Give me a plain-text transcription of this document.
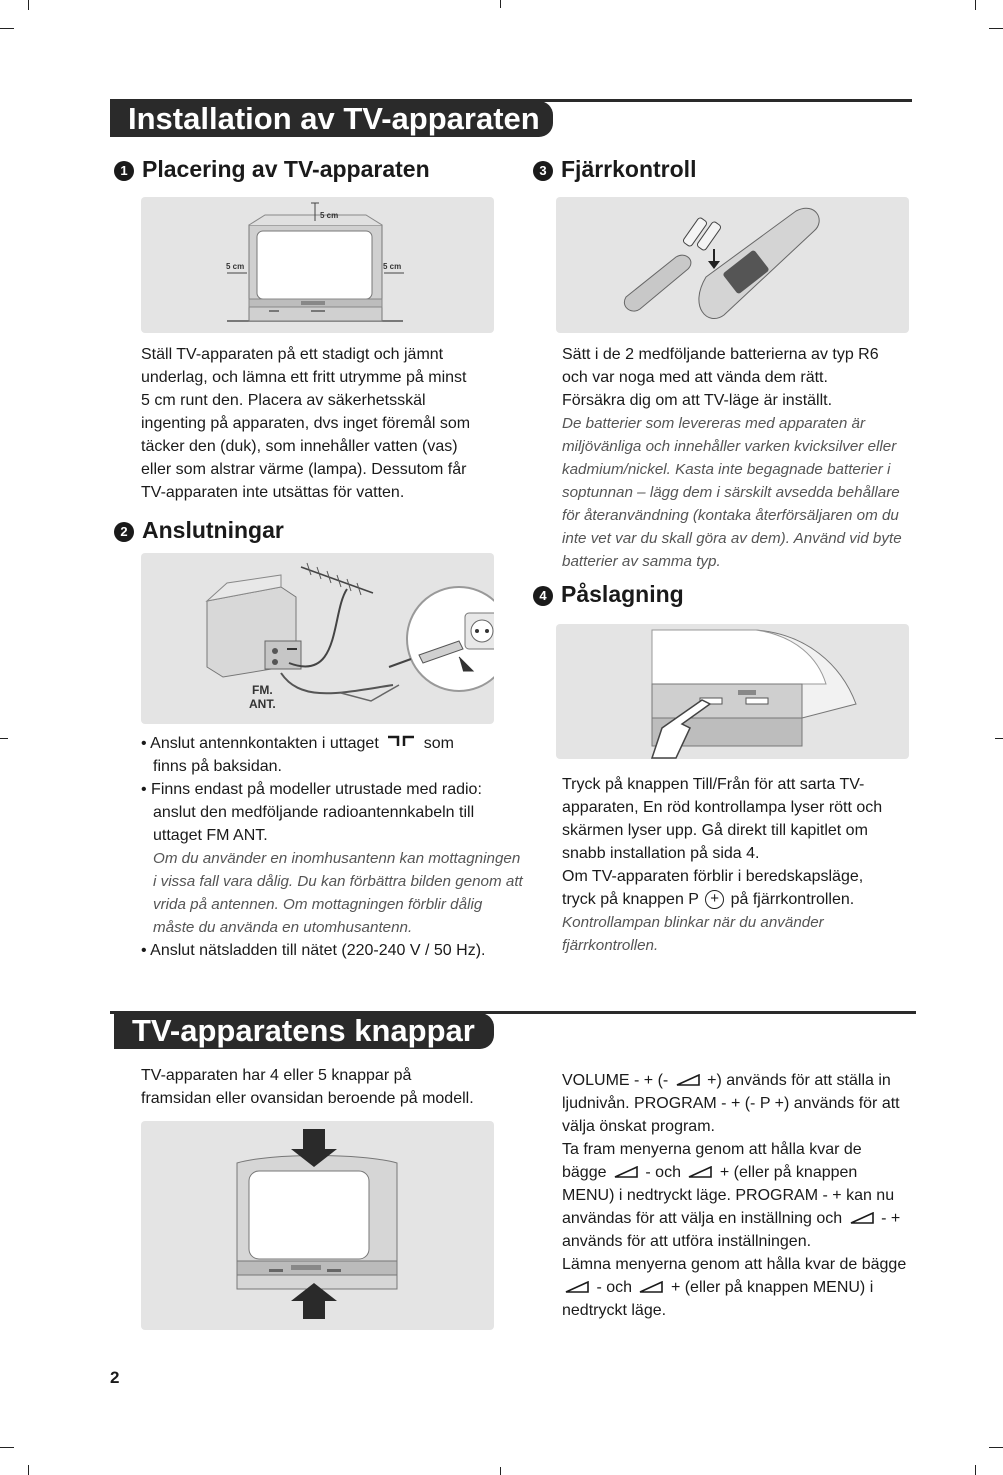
Installation av TV-apparaten
1 Placering av TV-apparaten
5 cm
5 cm	5 cm
Ställ TV-apparaten på ett stadigt och jämnt
underlag, och lämna ett fritt utrymme på minst
5 cm runt den. Placera av säkerhetsskäl
ingenting på apparaten, dvs inget föremål som
täcker den (duk), som innehåller vatten (vas)
eller som alstrar värme (lampa). Dessutom får
TV-apparaten inte utsättas för vatten.
2 Anslutningar
FM.
ANT.
• Anslut antennkontakten i uttaget	som
finns på baksidan.
• Finns endast på modeller utrustade med radio:
anslut den medföljande radioantennkabeln till
uttaget FM ANT.
Om du använder en inomhusantenn kan mottagningen
i vissa fall vara dålig. Du kan förbättra bilden genom att
vrida på antennen. Om mottagningen förblir dålig
måste du använda en utomhusantenn.
• Anslut nätsladden till nätet (220-240 V / 50 Hz).
3 Fjärrkontroll
Sätt i de 2 medföljande batterierna av typ R6
och var noga med att vända dem rätt.
Försäkra dig om att TV-läge är inställt.
De batterier som levereras med apparaten är
miljövänliga och innehåller varken kvicksilver eller
kadmium/nickel. Kasta inte begagnade batterier i
soptunnan – lägg dem i särskilt avsedda behållare
för återanvändning (kontaka återförsäljaren om du
inte vet var du skall göra av dem). Använd vid byte
batterier av samma typ.
4 Påslagning
Tryck på knappen Till/Från för att sarta TV-
apparaten, En röd kontrollampa lyser rött och
skärmen lyser upp. Gå direkt till kapitlet om
snabb installation på sida 4.
Om TV-apparaten förblir i beredskapsläge,
tryck på knappen P + på fjärrkontrollen.
Kontrollampan blinkar när du använder
fjärrkontrollen.
TV-apparatens knappar
TV-apparaten har 4 eller 5 knappar på
framsidan eller ovansidan beroende på modell.
VOLUME - + (- +) används för att ställa in
ljudnivån. PROGRAM - + (- P +) används för att
välja önskat program.
Ta fram menyerna genom att hålla kvar de
bägge - och + (eller på knappen
MENU) i nedtryckt läge. PROGRAM - + kan nu
användas för att välja en inställning och - +
används för att utföra inställningen.
Lämna menyerna genom att hålla kvar de bägge
- och + (eller på knappen MENU) i
nedtryckt läge.
2
